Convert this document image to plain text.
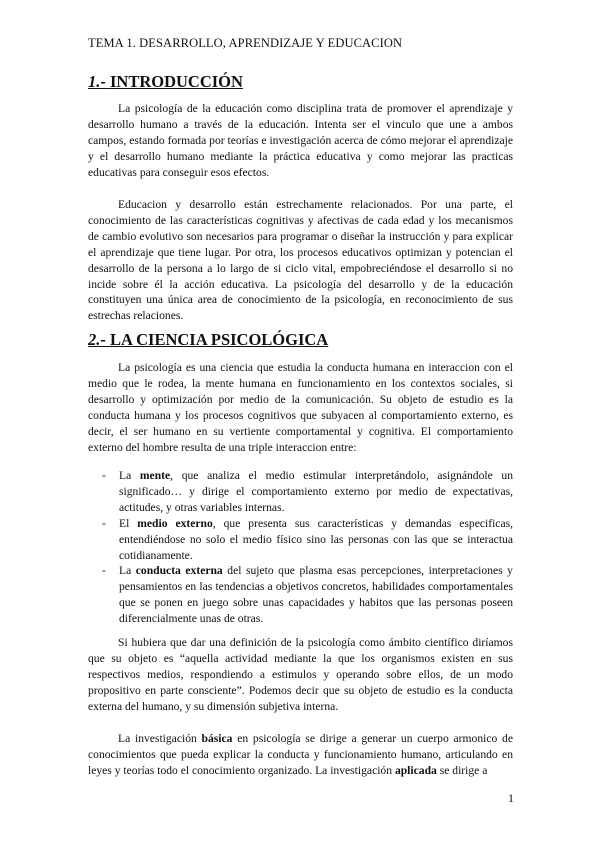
TEMA 1. DESARROLLO, APRENDIZAJE Y EDUCACION
1.- INTRODUCCIÓN

La psicología de la educación como disciplina trata de promover el aprendizaje y desarrollo humano a través de la educación. Intenta ser el vinculo que une a ambos campos, estando formada por teorías e investigación acerca de cómo mejorar el aprendizaje y el desarrollo humano mediante la práctica educativa y como mejorar las practicas educativas para conseguir esos efectos.

Educacion y desarrollo están estrechamente relacionados. Por una parte, el conocimiento de las características cognitivas y afectivas de cada edad y los mecanismos de cambio evolutivo son necesarios para programar o diseñar la instrucción y para explicar el aprendizaje que tiene lugar. Por otra, los procesos educativos optimizan y potencian el desarrollo de la persona a lo largo de si ciclo vital, empobreciéndose el desarrollo si no incide sobre él la acción educativa. La psicología del desarrollo y de la educación constituyen una única area de conocimiento de la psicología, en reconocimiento de sus estrechas relaciones.

2.- LA CIENCIA PSICOLÓGICA

La psicología es una ciencia que estudia la conducta humana en interaccion con el medio que le rodea, la mente humana en funcionamiento en los contextos sociales, si desarrollo y optimización por medio de la comunicación. Su objeto de estudio es la conducta humana y los procesos cognitivos que subyacen al comportamiento externo, es decir, el ser humano en su vertiente comportamental y cognitiva. El comportamiento externo del hombre resulta de una triple interaccion entre:

- La mente, que analiza el medio estimular interpretándolo, asignándole un significado… y dirige el comportamiento externo por medio de expectativas, actitudes, y otras variables internas.
- El medio externo, que presenta sus características y demandas especificas, entendiéndose no solo el medio físico sino las personas con las que se interactua cotidianamente.
- La conducta externa del sujeto que plasma esas percepciones, interpretaciones y pensamientos en las tendencias a objetivos concretos, habilidades comportamentales que se ponen en juego sobre unas capacidades y habitos que las personas poseen diferencialmente unas de otras.

Si hubiera que dar una definición de la psicología como ámbito científico diríamos que su objeto es “aquella actividad mediante la que los organismos existen en sus respectivos medios, respondiendo a estimulos y operando sobre ellos, de un modo propositivo en parte consciente”. Podemos decir que su objeto de estudio es la conducta externa del humano, y su dimensión subjetiva interna.

La investigación básica en psicología se dirige a generar un cuerpo armonico de conocimientos que pueda explicar la conducta y funcionamiento humano, articulando en leyes y teorías todo el conocimiento organizado. La investigación aplicada se dirige a

1
